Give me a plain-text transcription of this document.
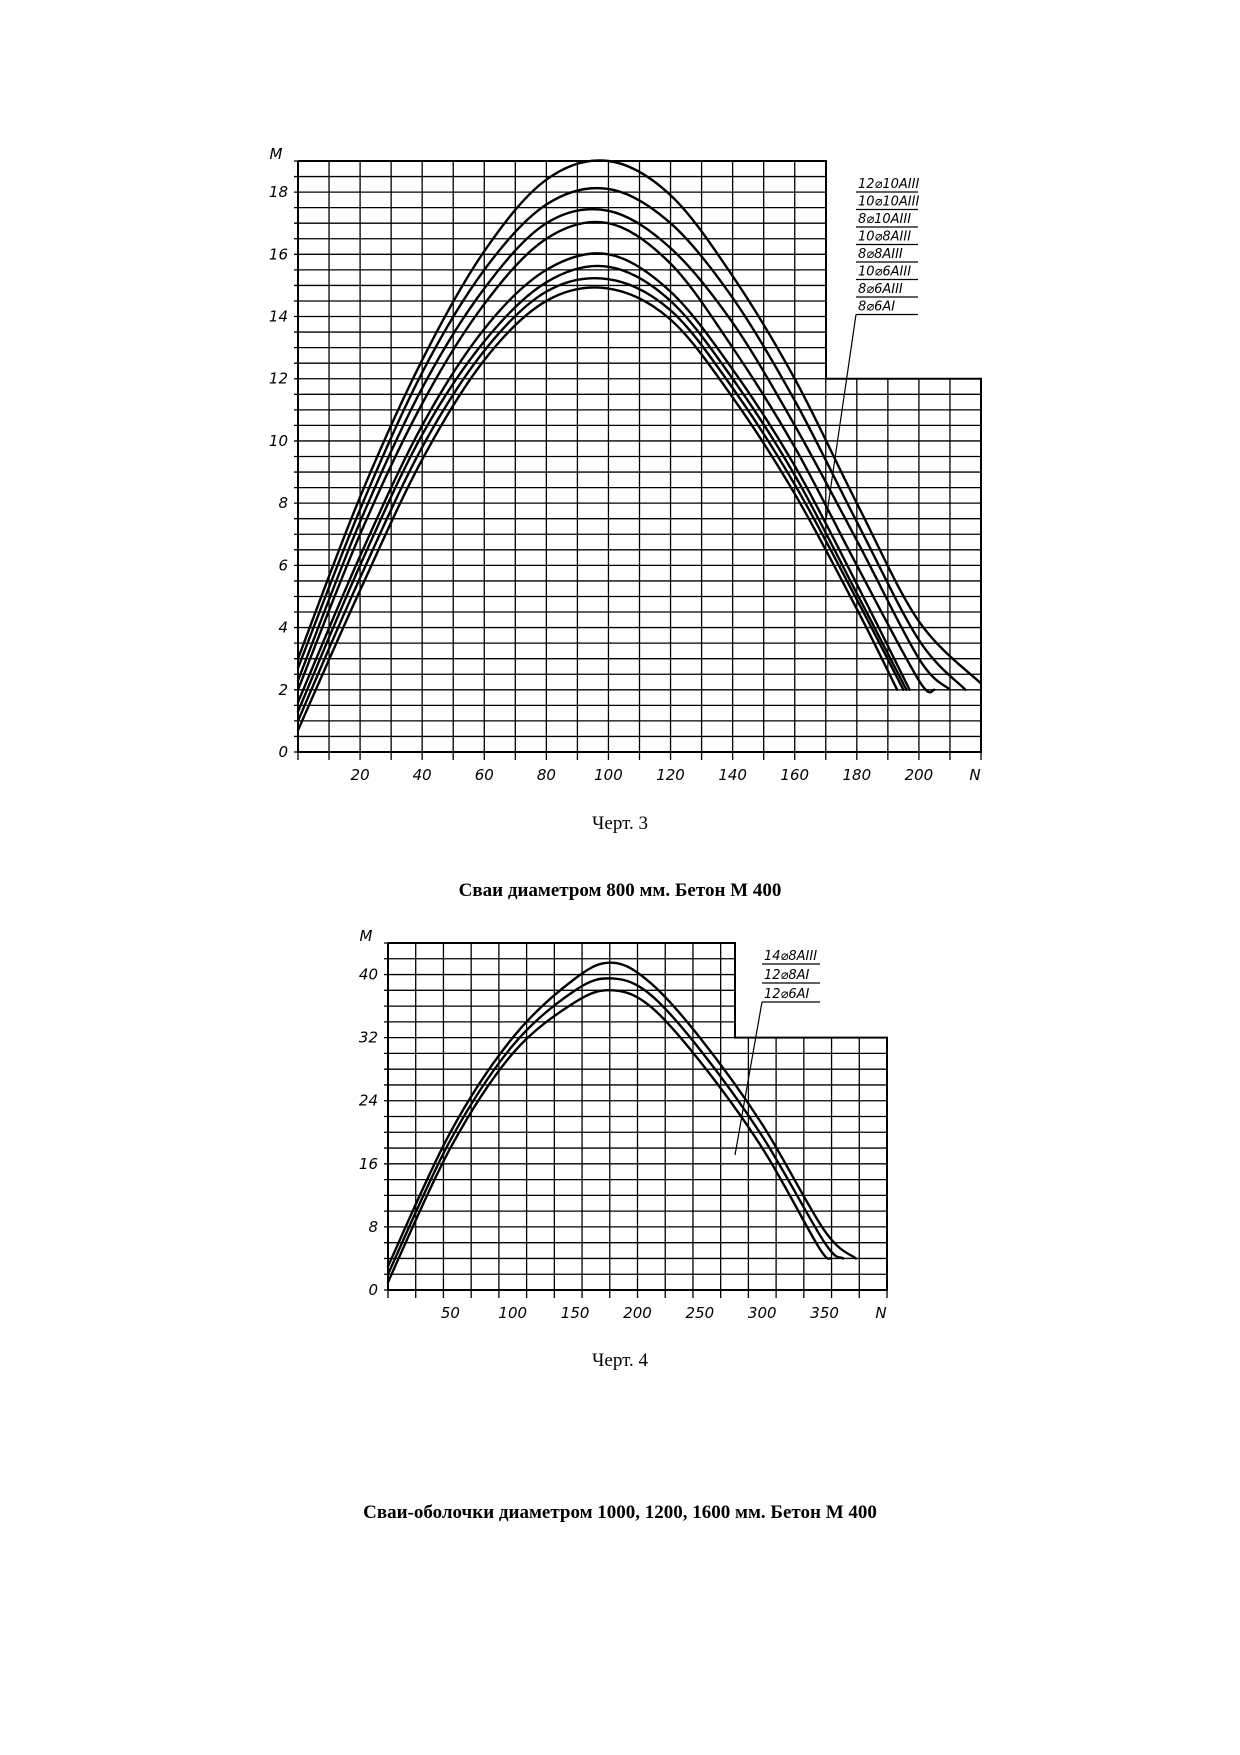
0
2
4
6
8
10
12
14
16
18
M
20	40	60	80	100 120 140 160 180 200 N
12⌀10AIII
10⌀10AIII
8⌀10AIII
10⌀8AIII
8⌀8AIII
10⌀6AIII
8⌀6AIII
8⌀6AI
Черт. 3
Сваи диаметром 800 мм. Бетон М 400
0
8
16
24
32
40
M
50	100 150 200 250 300 350 N
14⌀8AIII
12⌀8AI
12⌀6AI
Черт. 4
Сваи-оболочки диаметром 1000, 1200, 1600 мм. Бетон М 400
